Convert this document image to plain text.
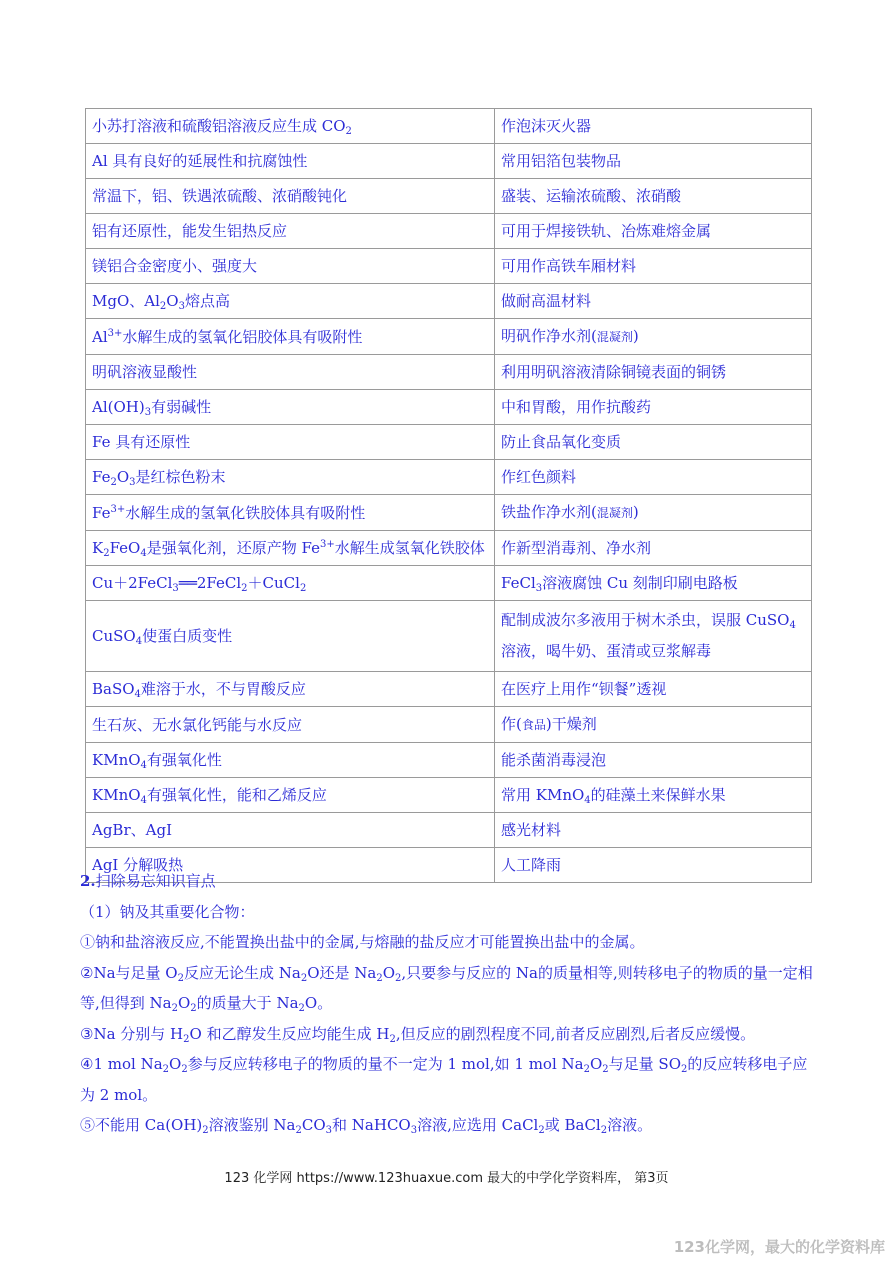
小苏打溶液和硫酸铝溶液反应生成 $CO_2$	作泡沫灭火器
Al 具有良好的延展性和抗腐蚀性	常用铝箔包装物品
常温下，铝、铁遇浓硫酸、浓硝酸钝化	盛装、运输浓硫酸、浓硝酸
铝有还原性，能发生铝热反应	可用于焊接铁轨、冶炼难熔金属
镁铝合金密度小、强度大	可用作高铁车厢材料
MgO、$Al_2O_3$熔点高	做耐高温材料
$Al^{3+}$水解生成的氢氧化铝胶体具有吸附性	明矾作净水剂(混凝剂)
明矾溶液显酸性	利用明矾溶液清除铜镜表面的铜锈
$Al(OH)_3$有弱碱性	中和胃酸，用作抗酸药
Fe 具有还原性	防止食品氧化变质
$Fe_2O_3$是红棕色粉末	作红色颜料
$Fe^{3+}$水解生成的氢氧化铁胶体具有吸附性	铁盐作净水剂(混凝剂)
$K_2FeO_4$是强氧化剂，还原产物 $Fe^{3+}$水解生成氢氧化铁胶体	作新型消毒剂、净水剂
Cu＋2FeCl$_3$══2FeCl$_2$＋CuCl$_2$	FeCl$_3$溶液腐蚀 Cu 刻制印刷电路板
CuSO$_4$使蛋白质变性	配制成波尔多液用于树木杀虫，误服 CuSO$_4$溶液，喝牛奶、蛋清或豆浆解毒
BaSO$_4$难溶于水，不与胃酸反应	在医疗上用作“钡餐”透视
生石灰、无水氯化钙能与水反应	作(食品)干燥剂
KMnO$_4$有强氧化性	能杀菌消毒浸泡
KMnO$_4$有强氧化性，能和乙烯反应	常用 KMnO$_4$的硅藻土来保鲜水果
AgBr、AgI	感光材料
AgI 分解吸热	人工降雨

2.扫除易忘知识盲点

（1）钠及其重要化合物：

①钠和盐溶液反应,不能置换出盐中的金属,与熔融的盐反应才可能置换出盐中的金属。

②Na与足量 $O_2$反应无论生成 $Na_2O$还是 $Na_2O_2$,只要参与反应的 Na的质量相等,则转移电子的物质的量一定相等,但得到 $Na_2O_2$的质量大于 $Na_2O$。

③Na 分别与 $H_2O$ 和乙醇发生反应均能生成 $H_2$,但反应的剧烈程度不同,前者反应剧烈,后者反应缓慢。

④1 mol $Na_2O_2$参与反应转移电子的物质的量不一定为 1 mol,如 1 mol $Na_2O_2$与足量 $SO_2$的反应转移电子应为 2 mol。

⑤不能用 $Ca(OH)_2$溶液鉴别 $Na_2CO_3$和 NaHCO$_3$溶液,应选用 CaCl$_2$或 BaCl$_2$溶液。

123 化学网 https://www.123huaxue.com 最大的中学化学资料库， 第3页
123化学网，最大的化学资料库
